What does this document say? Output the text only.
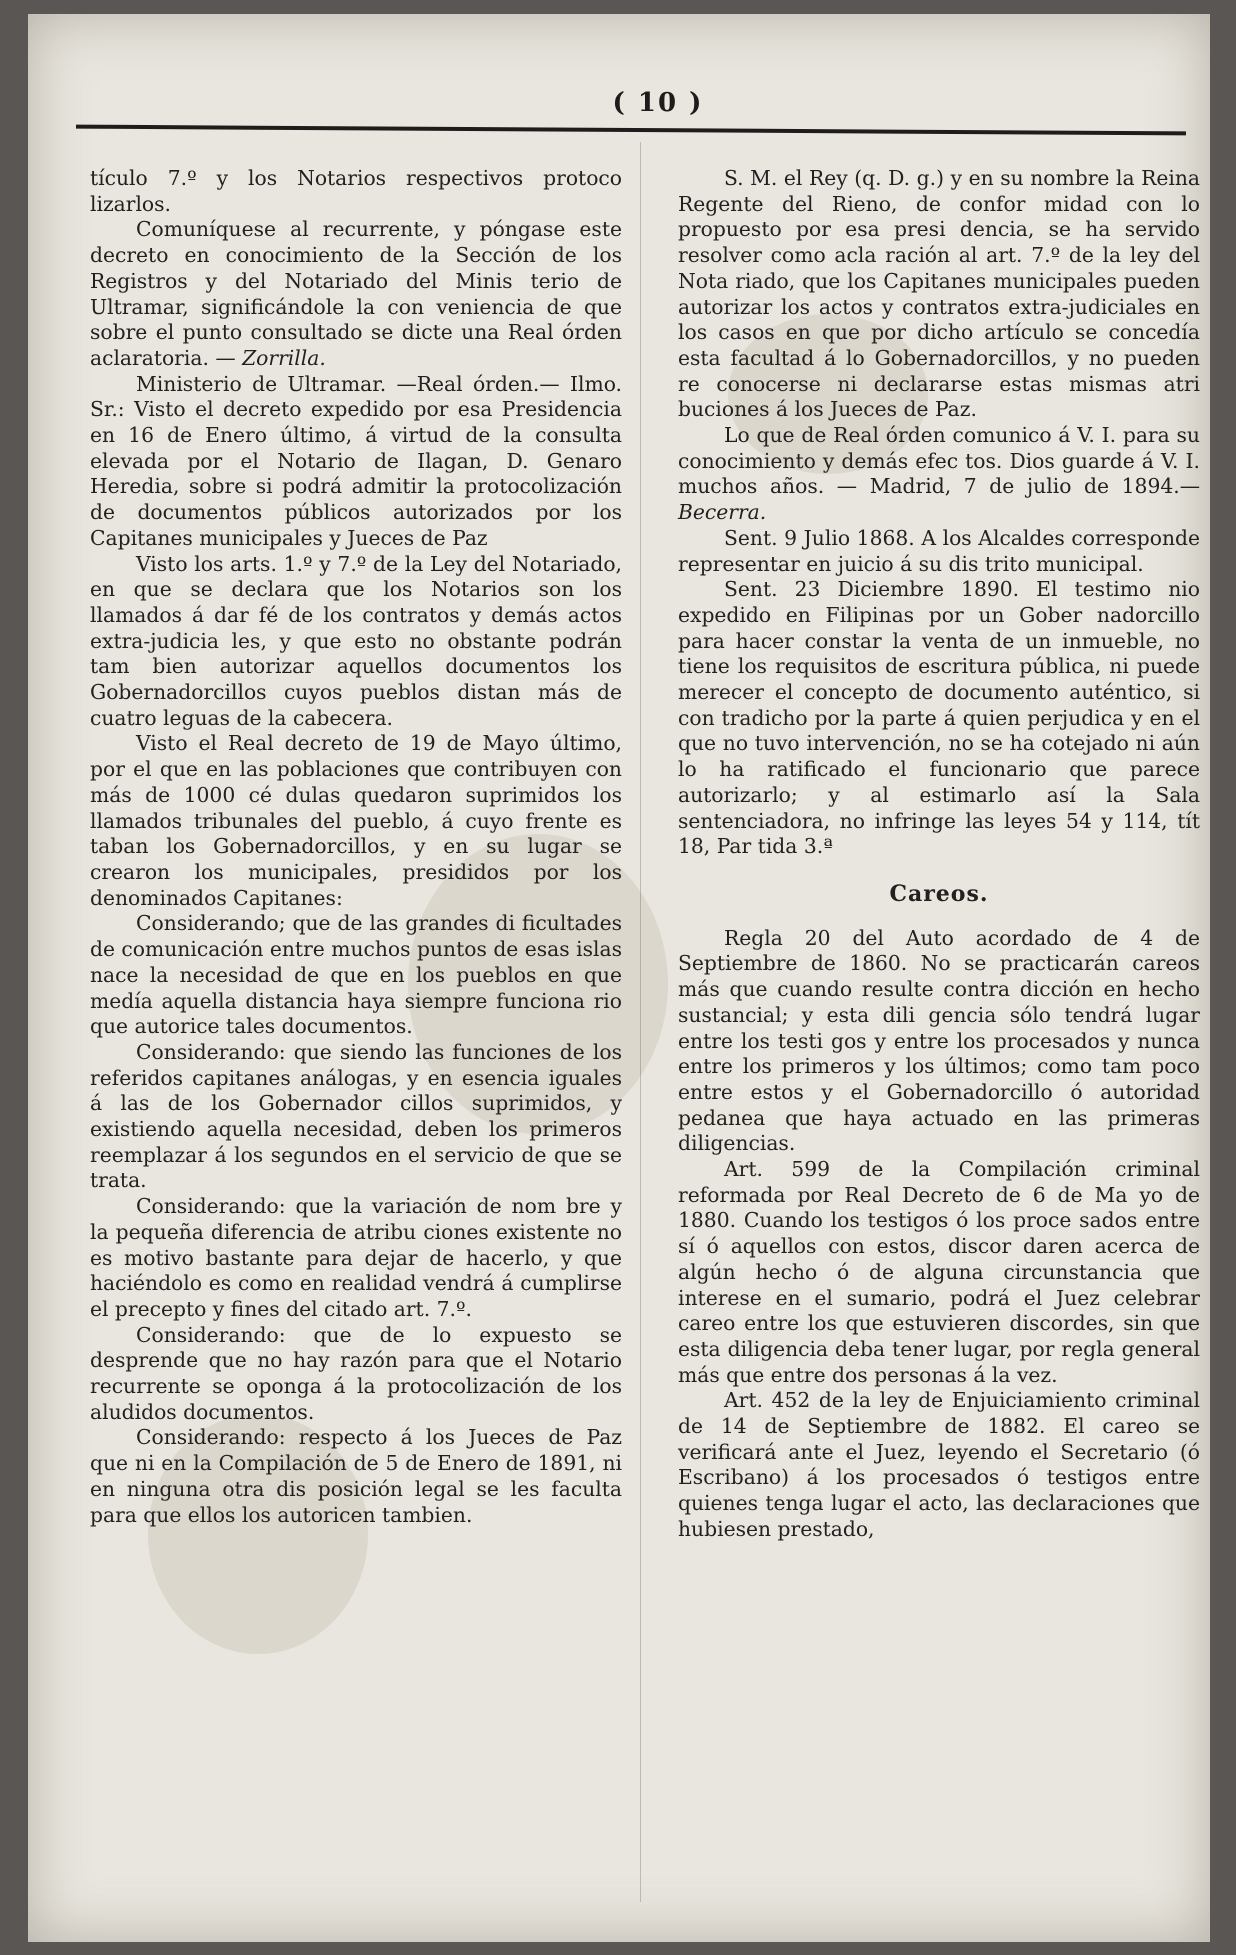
( 10 )

tículo 7.º y los Notarios respectivos protoco lizarlos.

Comuníquese al recurrente, y póngase este decreto en conocimiento de la Sección de los Registros y del Notariado del Minis terio de Ultramar, significándole la con veniencia de que sobre el punto consultado se dicte una Real órden aclaratoria. — Zorrilla.

Ministerio de Ultramar. —Real órden.— Ilmo. Sr.: Visto el decreto expedido por esa Presidencia en 16 de Enero último, á virtud de la consulta elevada por el Notario de Ilagan, D. Genaro Heredia, sobre si podrá admitir la protocolización de documentos públicos autorizados por los Capitanes municipales y Jueces de Paz

Visto los arts. 1.º y 7.º de la Ley del Notariado, en que se declara que los Notarios son los llamados á dar fé de los contratos y demás actos extra-judicia les, y que esto no obstante podrán tam bien autorizar aquellos documentos los Gobernadorcillos cuyos pueblos distan más de cuatro leguas de la cabecera.

Visto el Real decreto de 19 de Mayo último, por el que en las poblaciones que contribuyen con más de 1000 cé dulas quedaron suprimidos los llamados tribunales del pueblo, á cuyo frente es taban los Gobernadorcillos, y en su lugar se crearon los municipales, presididos por los denominados Capitanes:

Considerando; que de las grandes di ficultades de comunicación entre muchos puntos de esas islas nace la necesidad de que en los pueblos en que medía aquella distancia haya siempre funciona rio que autorice tales documentos.

Considerando: que siendo las funciones de los referidos capitanes análogas, y en esencia iguales á las de los Gobernador cillos suprimidos, y existiendo aquella necesidad, deben los primeros reemplazar á los segundos en el servicio de que se trata.

Considerando: que la variación de nom bre y la pequeña diferencia de atribu ciones existente no es motivo bastante para dejar de hacerlo, y que haciéndolo es como en realidad vendrá á cumplirse el precepto y fines del citado art. 7.º.

Considerando: que de lo expuesto se desprende que no hay razón para que el Notario recurrente se oponga á la protocolización de los aludidos documentos.

Considerando: respecto á los Jueces de Paz que ni en la Compilación de 5 de Enero de 1891, ni en ninguna otra dis posición legal se les faculta para que ellos los autoricen tambien.

S. M. el Rey (q. D. g.) y en su nombre la Reina Regente del Rieno, de confor midad con lo propuesto por esa presi dencia, se ha servido resolver como acla ración al art. 7.º de la ley del Nota riado, que los Capitanes municipales pueden autorizar los actos y contratos extra-judiciales en los casos en que por dicho artículo se concedía esta facultad á lo Gobernadorcillos, y no pueden re conocerse ni declararse estas mismas atri buciones á los Jueces de Paz.

Lo que de Real órden comunico á V. I. para su conocimiento y demás efec tos. Dios guarde á V. I. muchos años. — Madrid, 7 de julio de 1894.—Becerra.

Sent. 9 Julio 1868. A los Alcaldes corresponde representar en juicio á su dis trito municipal.

Sent. 23 Diciembre 1890. El testimo nio expedido en Filipinas por un Gober nadorcillo para hacer constar la venta de un inmueble, no tiene los requisitos de escritura pública, ni puede merecer el concepto de documento auténtico, si con tradicho por la parte á quien perjudica y en el que no tuvo intervención, no se ha cotejado ni aún lo ha ratificado el funcionario que parece autorizarlo; y al estimarlo así la Sala sentenciadora, no infringe las leyes 54 y 114, tít 18, Par tida 3.ª

Careos.

Regla 20 del Auto acordado de 4 de Septiembre de 1860. No se practicarán careos más que cuando resulte contra dicción en hecho sustancial; y esta dili gencia sólo tendrá lugar entre los testi gos y entre los procesados y nunca entre los primeros y los últimos; como tam poco entre estos y el Gobernadorcillo ó autoridad pedanea que haya actuado en las primeras diligencias.

Art. 599 de la Compilación criminal reformada por Real Decreto de 6 de Ma yo de 1880. Cuando los testigos ó los proce sados entre sí ó aquellos con estos, discor daren acerca de algún hecho ó de alguna circunstancia que interese en el sumario, podrá el Juez celebrar careo entre los que estuvieren discordes, sin que esta diligencia deba tener lugar, por regla general más que entre dos personas á la vez.

Art. 452 de la ley de Enjuiciamiento criminal de 14 de Septiembre de 1882. El careo se verificará ante el Juez, leyendo el Secretario (ó Escribano) á los procesados ó testigos entre quienes tenga lugar el acto, las declaraciones que hubiesen prestado,
